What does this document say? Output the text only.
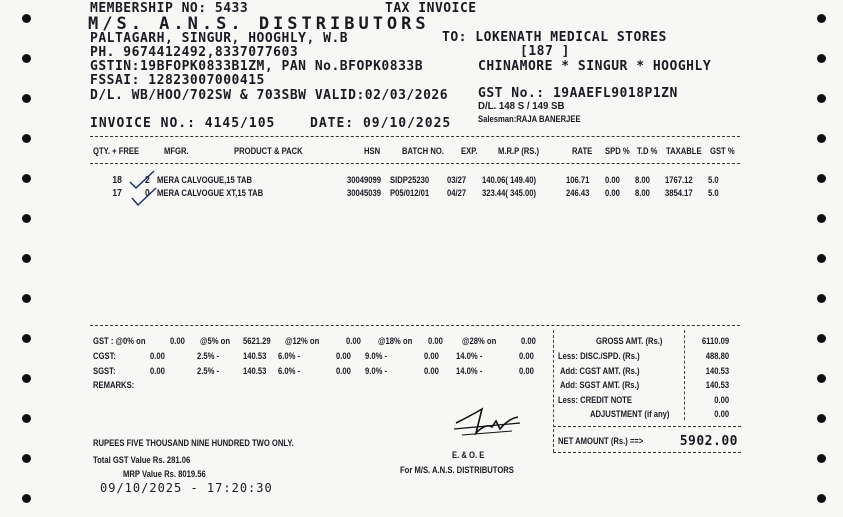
MEMBERSHIP NO: 5433	TAX INVOICE
M/S. A.N.S. DISTRIBUTORS
PALTAGARH, SINGUR, HOOGHLY, W.B
PH. 9674412492,8337077603
GSTIN:19BFOPK0833B1ZM, PAN No.BFOPK0833B
FSSAI: 12823007000415
D/L. WB/HOO/702SW & 703SBW VALID:02/03/2026
TO: LOKENATH MEDICAL STORES
[187 ]
CHINAMORE * SINGUR * HOOGHLY
GST No.: 19AAEFL9018P1ZN
D/L. 148 S / 149 SB
Salesman:RAJA BANERJEE
INVOICE NO.: 4145/105	DATE: 09/10/2025
QTY. + FREE	MFGR.	PRODUCT & PACK	HSN BATCH NO. EXP. M.R.P (RS.)	RATE SPD % T.D % TAXABLE GST %
18 2 MERA CALVOGUE,15 TAB	30049099 SIDP25230 03/27 140.06( 149.40)	106.71 0.00 8.00 1767.12 5.0
17 0 MERA CALVOGUE XT,15 TAB	30045039 P05/012/01 04/27 323.44( 345.00)	246.43 0.00 8.00 3854.17 5.0
GST : @0% on	0.00 @5% on 5621.29 @12% on	0.00 @18% on 0.00 @28% on	0.00
CGST:	0.00	2.5% -	140.53 6.0% -	0.00 9.0% -	0.00 14.0% -	0.00
SGST:	0.00	2.5% -	140.53 6.0% -	0.00 9.0% -	0.00 14.0% -	0.00
REMARKS:
GROSS AMT. (Rs.)	6110.09
Less: DISC./SPD. (Rs.)	488.80
Add: CGST AMT. (Rs.)	140.53
Add: SGST AMT. (Rs.)	140.53
Less: CREDIT NOTE	0.00
ADJUSTMENT (if any)	0.00
NET AMOUNT (Rs.) ==>	5902.00
RUPEES FIVE THOUSAND NINE HUNDRED TWO ONLY.
Total GST Value Rs. 281.06
MRP Value Rs. 8019.56
09/10/2025 - 17:20:30
E. & O. E
For M/S. A.N.S. DISTRIBUTORS
